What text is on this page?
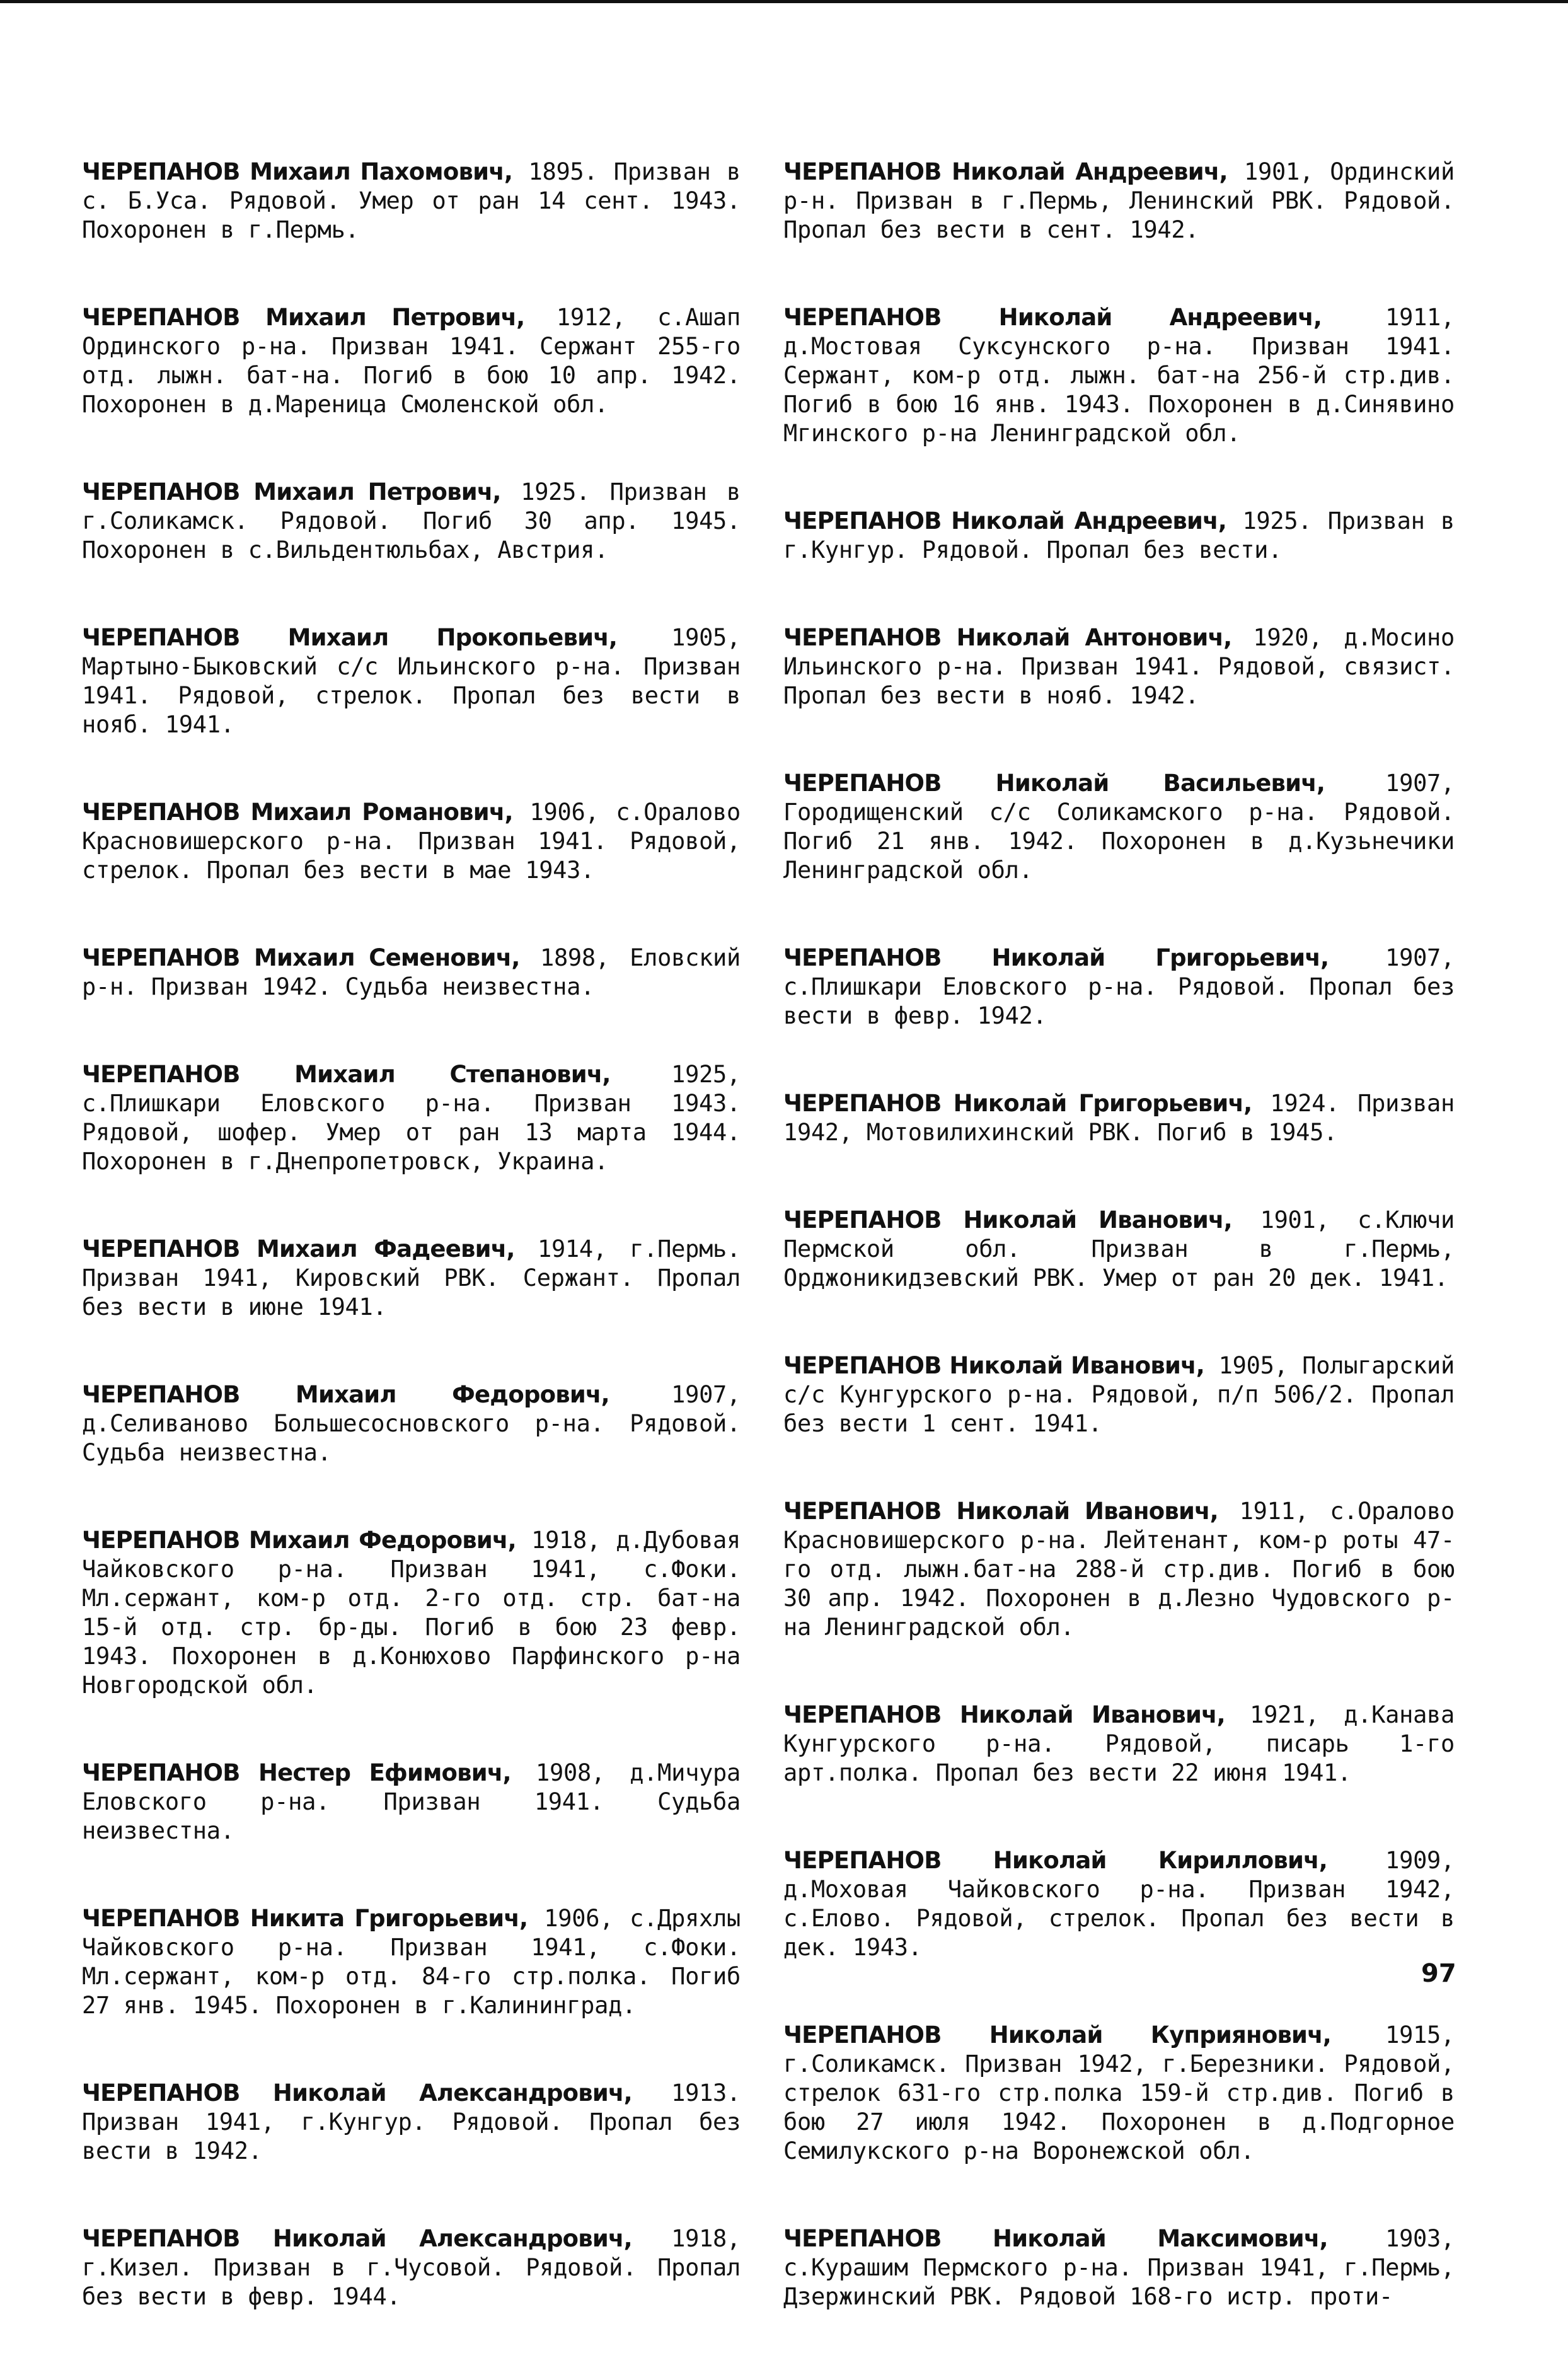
ЧЕРЕПАНОВ Михаил Пахомович, 1895. Призван в с. Б.Уса. Рядовой. Умер от ран 14 сент. 1943. Похоронен в г.Пермь.

ЧЕРЕПАНОВ Михаил Петрович, 1912, с.Ашап Ординского р-на. Призван 1941. Сержант 255-го отд. лыжн. бат-на. Погиб в бою 10 апр. 1942. Похоронен в д.Мареница Смоленской обл.

ЧЕРЕПАНОВ Михаил Петрович, 1925. Призван в г.Соликамск. Рядовой. Погиб 30 апр. 1945. Похоронен в с.Вильдентюльбах, Австрия.

ЧЕРЕПАНОВ Михаил Прокопьевич, 1905, Мартыно-Быковский с/с Ильинского р-на. Призван 1941. Рядовой, стрелок. Пропал без вести в нояб. 1941.

ЧЕРЕПАНОВ Михаил Романович, 1906, с.Оралово Красновишерского р-на. Призван 1941. Рядовой, стрелок. Пропал без вести в мае 1943.

ЧЕРЕПАНОВ Михаил Семенович, 1898, Еловский р-н. Призван 1942. Судьба неизвестна.

ЧЕРЕПАНОВ Михаил Степанович, 1925, с.Плишкари Еловского р-на. Призван 1943. Рядовой, шофер. Умер от ран 13 марта 1944. Похоронен в г.Днепропетровск, Украина.

ЧЕРЕПАНОВ Михаил Фадеевич, 1914, г.Пермь. Призван 1941, Кировский РВК. Сержант. Пропал без вести в июне 1941.

ЧЕРЕПАНОВ Михаил Федорович, 1907, д.Селиваново Большесосновского р-на. Рядовой. Судьба неизвестна.

ЧЕРЕПАНОВ Михаил Федорович, 1918, д.Дубовая Чайковского р-на. Призван 1941, с.Фоки. Мл.сержант, ком-р отд. 2-го отд. стр. бат-на 15-й отд. стр. бр-ды. Погиб в бою 23 февр. 1943. Похоронен в д.Конюхово Парфинского р-на Новгородской обл.

ЧЕРЕПАНОВ Нестер Ефимович, 1908, д.Мичура Еловского р-на. Призван 1941. Судьба неизвестна.

ЧЕРЕПАНОВ Никита Григорьевич, 1906, с.Дряхлы Чайковского р-на. Призван 1941, с.Фоки. Мл.сержант, ком-р отд. 84-го стр.полка. Погиб 27 янв. 1945. Похоронен в г.Калининград.

ЧЕРЕПАНОВ Николай Александрович, 1913. Призван 1941, г.Кунгур. Рядовой. Пропал без вести в 1942.

ЧЕРЕПАНОВ Николай Александрович, 1918, г.Кизел. Призван в г.Чусовой. Рядовой. Пропал без вести в февр. 1944.

ЧЕРЕПАНОВ Николай Андреевич, 1901, Ординский р-н. Призван в г.Пермь, Ленинский РВК. Рядовой. Пропал без вести в сент. 1942.

ЧЕРЕПАНОВ Николай Андреевич, 1911, д.Мостовая Суксунского р-на. Призван 1941. Сержант, ком-р отд. лыжн. бат-на 256-й стр.див. Погиб в бою 16 янв. 1943. Похоронен в д.Синявино Мгинского р-на Ленинградской обл.

ЧЕРЕПАНОВ Николай Андреевич, 1925. Призван в г.Кунгур. Рядовой. Пропал без вести.

ЧЕРЕПАНОВ Николай Антонович, 1920, д.Мосино Ильинского р-на. Призван 1941. Рядовой, связист. Пропал без вести в нояб. 1942.

ЧЕРЕПАНОВ Николай Васильевич, 1907, Городищенский с/с Соликамского р-на. Рядовой. Погиб 21 янв. 1942. Похоронен в д.Кузьнечики Ленинградской обл.

ЧЕРЕПАНОВ Николай Григорьевич, 1907, с.Плишкари Еловского р-на. Рядовой. Пропал без вести в февр. 1942.

ЧЕРЕПАНОВ Николай Григорьевич, 1924. Призван 1942, Мотовилихинский РВК. Погиб в 1945.

ЧЕРЕПАНОВ Николай Иванович, 1901, с.Ключи Пермской обл. Призван в г.Пермь, Орджоникидзевский РВК. Умер от ран 20 дек. 1941.

ЧЕРЕПАНОВ Николай Иванович, 1905, Полыгарский с/с Кунгурского р-на. Рядовой, п/п 506/2. Пропал без вести 1 сент. 1941.

ЧЕРЕПАНОВ Николай Иванович, 1911, с.Оралово Красновишерского р-на. Лейтенант, ком-р роты 47-го отд. лыжн.бат-на 288-й стр.див. Погиб в бою 30 апр. 1942. Похоронен в д.Лезно Чудовского р-на Ленинградской обл.

ЧЕРЕПАНОВ Николай Иванович, 1921, д.Канава Кунгурского р-на. Рядовой, писарь 1-го арт.полка. Пропал без вести 22 июня 1941.

ЧЕРЕПАНОВ Николай Кириллович, 1909, д.Моховая Чайковского р-на. Призван 1942, с.Елово. Рядовой, стрелок. Пропал без вести в дек. 1943.

ЧЕРЕПАНОВ Николай Куприянович, 1915, г.Соликамск. Призван 1942, г.Березники. Рядовой, стрелок 631-го стр.полка 159-й стр.див. Погиб в бою 27 июля 1942. Похоронен в д.Подгорное Семилукского р-на Воронежской обл.

ЧЕРЕПАНОВ Николай Максимович, 1903, с.Курашим Пермского р-на. Призван 1941, г.Пермь, Дзержинский РВК. Рядовой 168-го истр. проти-

97
